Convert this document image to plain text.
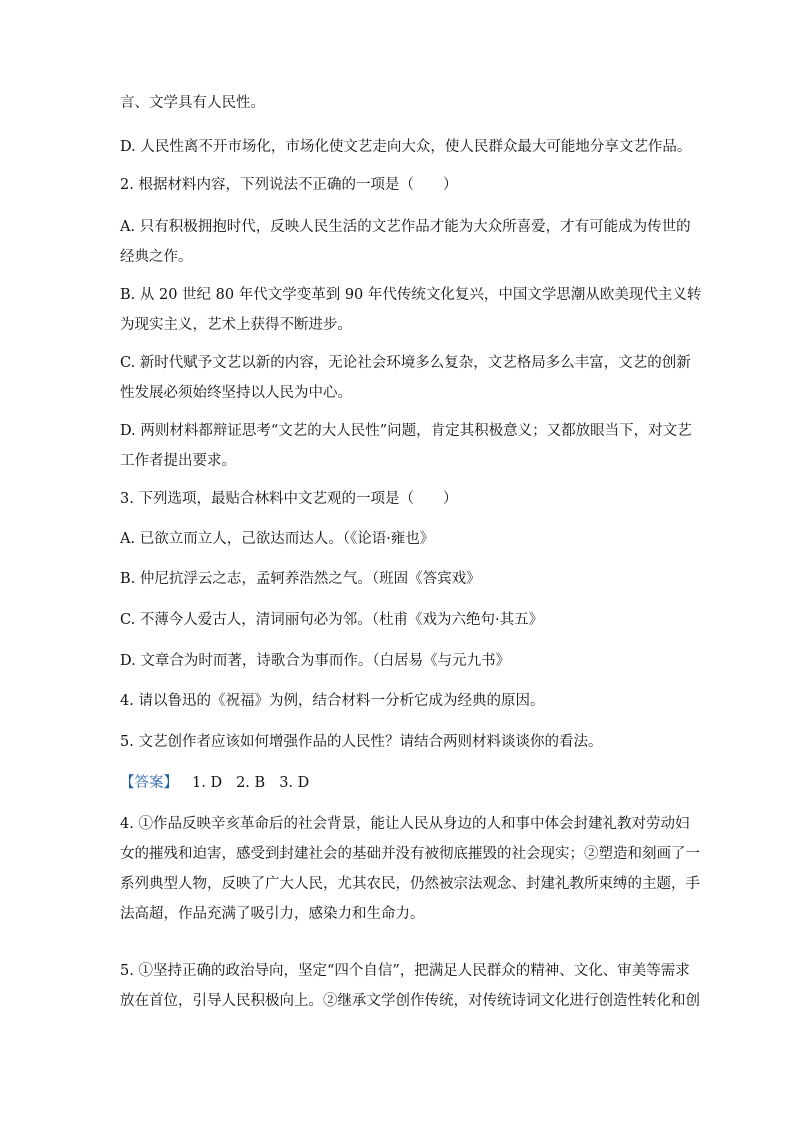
言、文学具有人民性。

D. 人民性离不开市场化，市场化使文艺走向大众，使人民群众最大可能地分享文艺作品。

2. 根据材料内容，下列说法不正确的一项是（　　）

A. 只有积极拥抱时代，反映人民生活的文艺作品才能为大众所喜爱，才有可能成为传世的
经典之作。

B. 从 20 世纪 80 年代文学变革到 90 年代传统文化复兴，中国文学思潮从欧美现代主义转
为现实主义，艺术上获得不断进步。

C. 新时代赋予文艺以新的内容，无论社会环境多么复杂，文艺格局多么丰富，文艺的创新
性发展必须始终坚持以人民为中心。

D. 两则材料都辩证思考“文艺的大人民性”问题，肯定其积极意义；又都放眼当下，对文艺
工作者提出要求。

3. 下列选项，最贴合林料中文艺观的一项是（　　）

A. 已欲立而立人，己欲达而达人。（《论语·雍也》

B. 仲尼抗浮云之志，孟轲养浩然之气。（班固《答宾戏》

C. 不薄今人爱古人，清词丽句必为邻。（杜甫《戏为六绝句·其五》

D. 文章合为时而著，诗歌合为事而作。（白居易《与元九书》

4. 请以鲁迅的《祝福》为例，结合材料一分析它成为经典的原因。

5. 文艺创作者应该如何增强作品的人民性？请结合两则材料谈谈你的看法。

【答案】 1. D 2. B 3. D

4. ①作品反映辛亥革命后的社会背景，能让人民从身边的人和事中体会封建礼教对劳动妇
女的摧残和迫害，感受到封建社会的基础并没有被彻底摧毁的社会现实；②塑造和刻画了一
系列典型人物，反映了广大人民，尤其农民，仍然被宗法观念、封建礼教所束缚的主题，手
法高超，作品充满了吸引力，感染力和生命力。

5. ①坚持正确的政治导向，坚定“四个自信”，把满足人民群众的精神、文化、审美等需求
放在首位，引导人民积极向上。②继承文学创作传统，对传统诗词文化进行创造性转化和创
